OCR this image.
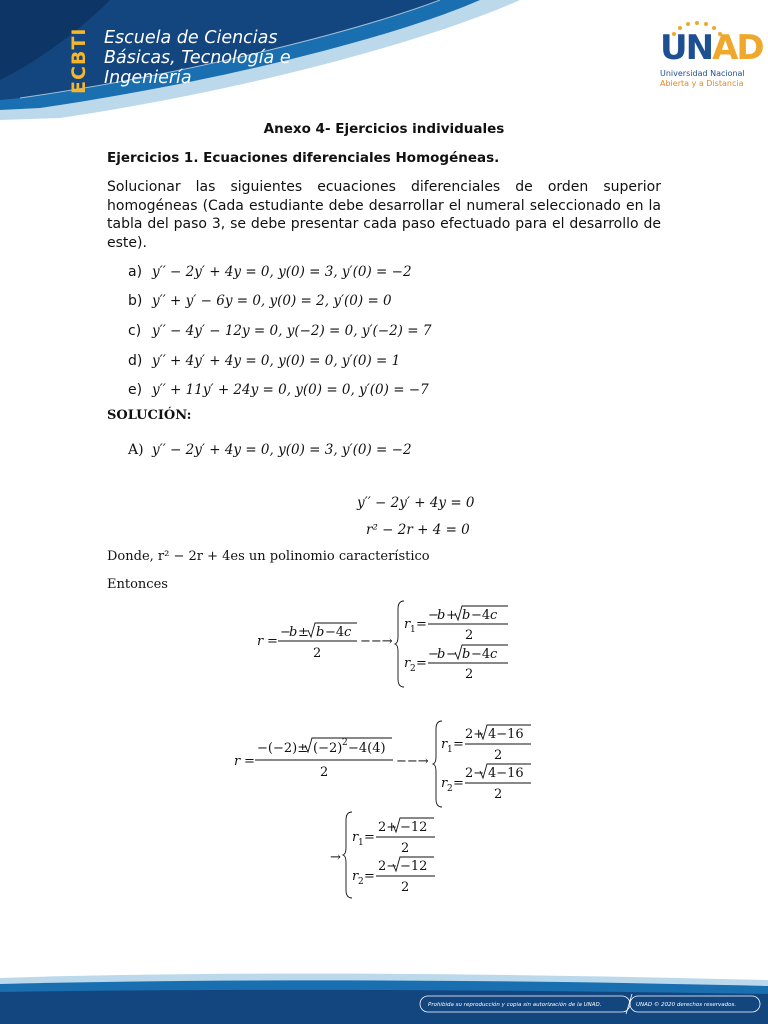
ECBTI Escuela de Ciencias
Básicas, Tecnología e
Ingeniería
UNAD
Universidad Nacional
Abierta y a Distancia
Anexo 4- Ejercicios individuales
Ejercicios 1. Ecuaciones diferenciales Homogéneas.
Solucionar las siguientes ecuaciones diferenciales de orden superior homogéneas (Cada estudiante debe desarrollar el numeral seleccionado en la tabla del paso 3, se debe presentar cada paso efectuado para el desarrollo de este).
a) y′′ − 2y′ + 4y = 0, y(0) = 3, y′(0) = −2
b) y′′ + y′ − 6y = 0, y(0) = 2, y′(0) = 0
c) y′′ − 4y′ − 12y = 0, y(−2) = 0, y′(−2) = 7
d) y′′ + 4y′ + 4y = 0, y(0) = 0, y′(0) = 1
e) y′′ + 11y′ + 24y = 0, y(0) = 0, y′(0) = −7
SOLUCIÓN:
A) y′′ − 2y′ + 4y = 0, y(0) = 3, y′(0) = −2
y′′ − 2y′ + 4y = 0
r² − 2r + 4 = 0
Donde, r² − 2r + 4es un polinomio característico
Entonces
r =
−
b ± b −4 c
2
−−→
r 1 =
−
b + b −4 c
2
r 2 =
−
b − b −4 c
2
r =
−(−2)± (−2) 2 −4(4)
2
−−→
r 1 =
2+ 4−16
2
r 2 =
2− 4−16
2
→
r 1 =
2+ −12
2
r 2 =
2− −12
2
Prohibida su reproducción y copia sin autorización de la UNAD.	UNAD © 2020 derechos reservados.
